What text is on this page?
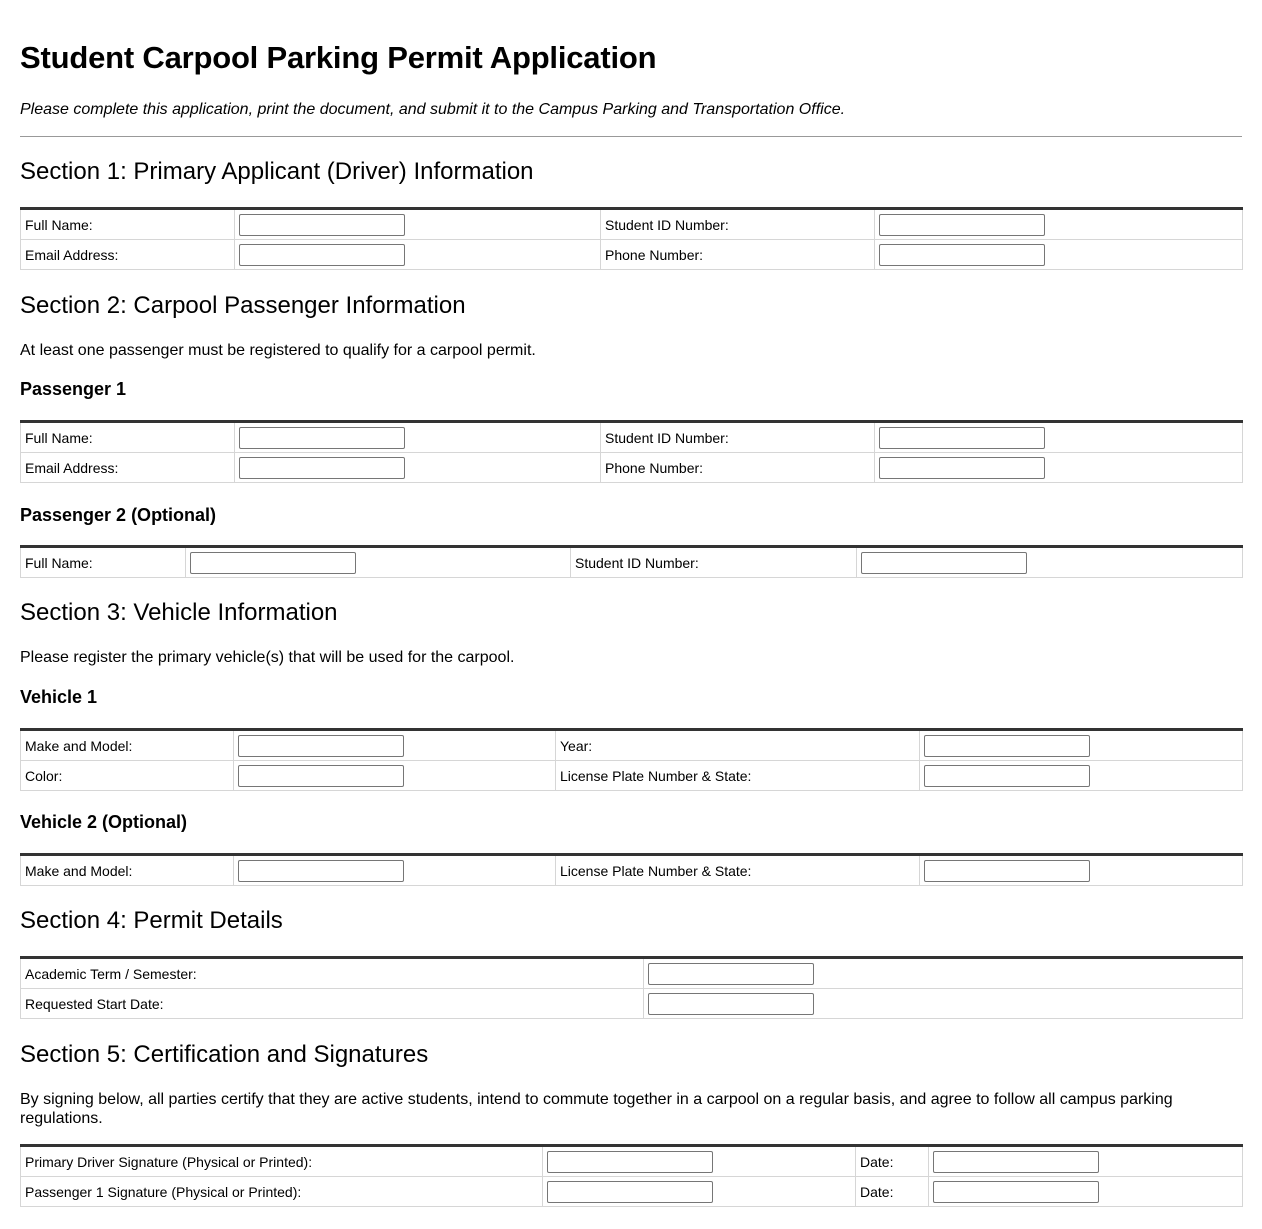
Student Carpool Parking Permit Application

Please complete this application, print the document, and submit it to the Campus Parking and Transportation Office.

Section 1: Primary Applicant (Driver) Information
Full Name:		Student ID Number:	

Email Address:		Phone Number:	
Section 2: Carpool Passenger Information

At least one passenger must be registered to qualify for a carpool permit.

Passenger 1
Full Name:		Student ID Number:	

Email Address:		Phone Number:	
Passenger 2 (Optional)
Full Name:		Student ID Number:	
Section 3: Vehicle Information

Please register the primary vehicle(s) that will be used for the carpool.

Vehicle 1
Make and Model:		Year:	

Color:		License Plate Number & State:	
Vehicle 2 (Optional)
Make and Model:		License Plate Number & State:	
Section 4: Permit Details
Academic Term / Semester:	

Requested Start Date:	
Section 5: Certification and Signatures

By signing below, all parties certify that they are active students, intend to commute together in a carpool on a regular basis, and agree to follow all campus parking regulations.

Primary Driver Signature (Physical or Printed):		Date:	

Passenger 1 Signature (Physical or Printed):		Date:	
